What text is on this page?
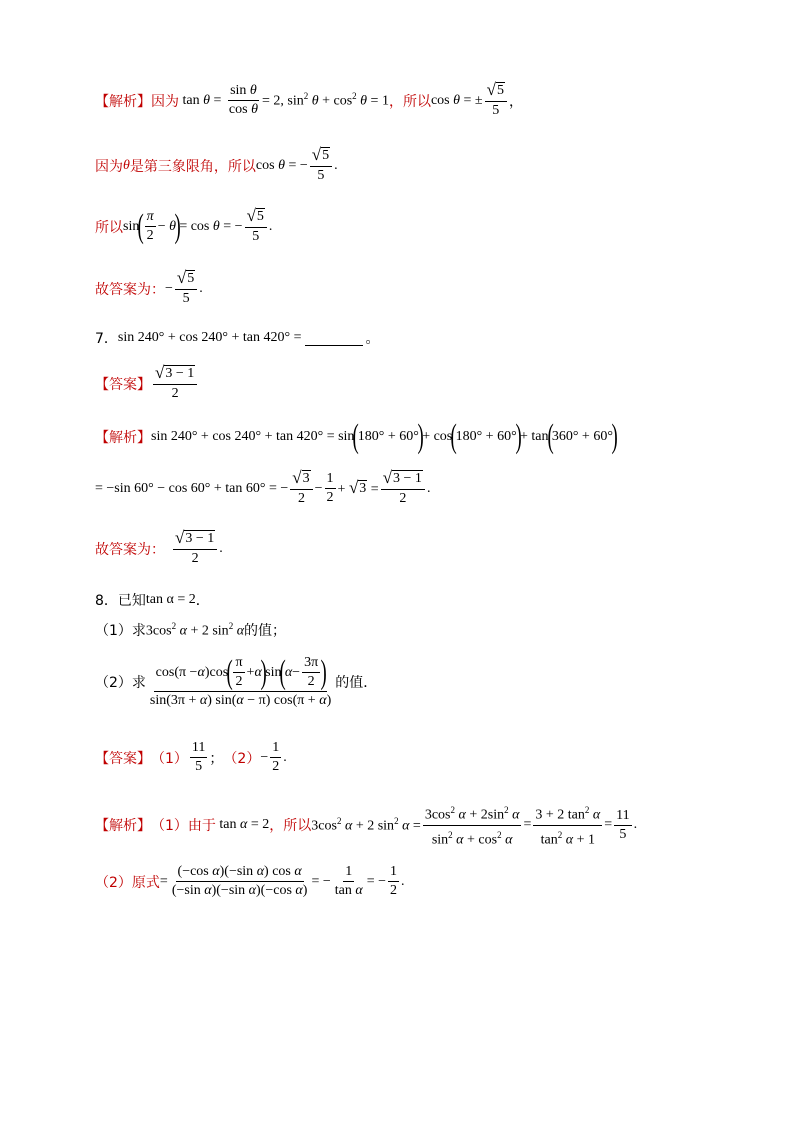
【解析】 因为 $\tan \theta = \frac{\text{sin θ}}{\text{cos θ}} = 2$, $\sin^2 \theta + \cos^2 \theta = 1$ ，所以 cos θ = ± $\frac{√ 5}{5}$ ，
因为 θ 是第三象限角，所以 cos θ = − $\frac{√ 5}{5}$ .
所以 sin
( $\frac{\pi}{2} - \theta$
)
= cos θ = − $\frac{√ 5}{5}$ .
故答案为： − $\frac{√ 5}{5}$ .
7． sin 240° + cos 240° + tan 420° =	。
【答案】 $\frac{√ 3 - 1}{2}$
【解析】 sin 240° + cos 240° + tan 420° = sin
(
180° + 60°
)
+ cos
(
180° + 60°
)
+ tan
(
360° + 60°
)
= −sin 60° − cos 60° + tan 60° = − $\frac{√ 3}{2} - \frac{1}{2}$ + √ $3 = \frac{√ 3 - 1}{2}$ .
故答案为： $\frac{√ 3 - 1}{2}$ .
8．已知 tan α = 2 ．
（1） 求 $3\cos^2$ α + 2 $\sin^2 \alpha$ 的值；
（2） 求 cos(π − α )cos
( $\frac{\pi}{2} + \alpha$
)
sin
(
$\alpha - \frac{3\pi}{2}$ )
sin(3π + α) sin(α − π) cos(π + α) 的值．
【答案】 $(1) \frac{11}{5}$ ； $(2) - \frac{1}{2}$ .
【解析】 （1） 由于 tan α = 2 ，所以 $3\cos^2$ α + 2 $\sin^2 \alpha = \frac{3\cos^2 \alpha + 2\sin^2 \alpha}{\sin^2 \alpha + \cos^2 \alpha} = \frac{3 + 2 \tan^2 \alpha}{\tan^2 \alpha + 1} = \frac{11}{5}$ .
（2） 原式 = $\frac{\text{(−cos α)(−sin α) cos α}}{\text{(−sin α)(−sin α)(−cos α)}}$ = − $\frac{1}{\text{tan α}}$ = − $\frac{1}{2}$ .
